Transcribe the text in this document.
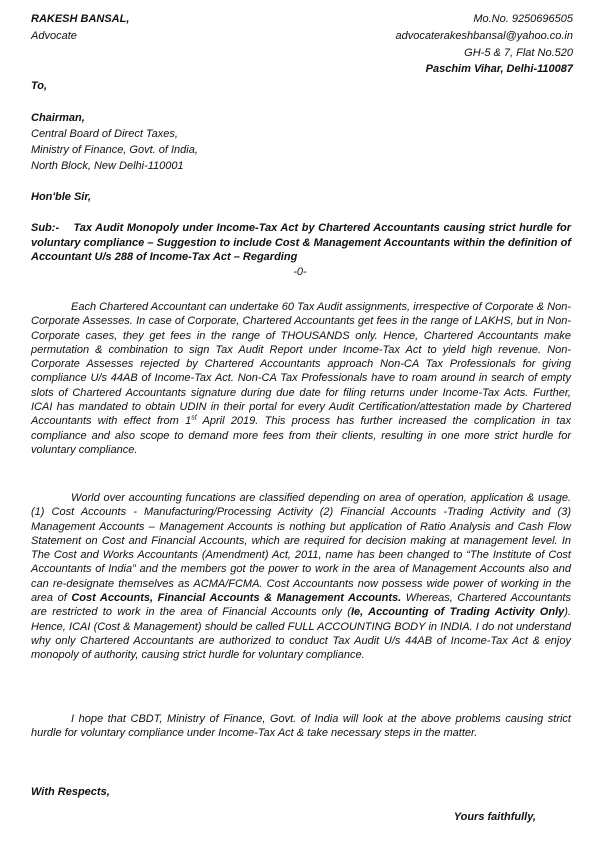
RAKESH BANSAL,
Advocate
Mo.No. 9250696505
advocaterakeshbansal@yahoo.co.in
GH-5 & 7, Flat No.520
Paschim Vihar, Delhi-110087
To,
Chairman,
Central Board of Direct Taxes,
Ministry of Finance, Govt. of India,
North Block, New Delhi-110001
Hon'ble Sir,
Sub:- Tax Audit Monopoly under Income-Tax Act by Chartered Accountants causing strict hurdle for voluntary compliance – Suggestion to include Cost & Management Accountants within the definition of Accountant U/s 288 of Income-Tax Act – Regarding
-0-
Each Chartered Accountant can undertake 60 Tax Audit assignments, irrespective of Corporate & Non-Corporate Assesses. In case of Corporate, Chartered Accountants get fees in the range of LAKHS, but in Non-Corporate cases, they get fees in the range of THOUSANDS only. Hence, Chartered Accountants make permutation & combination to sign Tax Audit Report under Income-Tax Act to yield high revenue. Non-Corporate Assesses rejected by Chartered Accountants approach Non-CA Tax Professionals for giving compliance U/s 44AB of Income-Tax Act. Non-CA Tax Professionals have to roam around in search of empty slots of Chartered Accountants signature during due date for filing returns under Income-Tax Acts. Further, ICAI has mandated to obtain UDIN in their portal for every Audit Certification/attestation made by Chartered Accountants with effect from 1st April 2019. This process has further increased the complication in tax compliance and also scope to demand more fees from their clients, resulting in one more strict hurdle for voluntary compliance.
World over accounting funcations are classified depending on area of operation, application & usage. (1) Cost Accounts - Manufacturing/Processing Activity (2) Financial Accounts -Trading Activity and (3) Management Accounts – Management Accounts is nothing but application of Ratio Analysis and Cash Flow Statement on Cost and Financial Accounts, which are required for decision making at management level. In The Cost and Works Accountants (Amendment) Act, 2011, name has been changed to “The Institute of Cost Accountants of India” and the members got the power to work in the area of Management Accounts also and can re-designate themselves as ACMA/FCMA. Cost Accountants now possess wide power of working in the area of Cost Accounts, Financial Accounts & Management Accounts. Whereas, Chartered Accountants are restricted to work in the area of Financial Accounts only (Ie, Accounting of Trading Activity Only). Hence, ICAI (Cost & Management) should be called FULL ACCOUNTING BODY in INDIA. I do not understand why only Chartered Accountants are authorized to conduct Tax Audit U/s 44AB of Income-Tax Act & enjoy monopoly of authority, causing strict hurdle for voluntary compliance.
I hope that CBDT, Ministry of Finance, Govt. of India will look at the above problems causing strict hurdle for voluntary compliance under Income-Tax Act & take necessary steps in the matter.
With Respects,
Yours faithfully,
